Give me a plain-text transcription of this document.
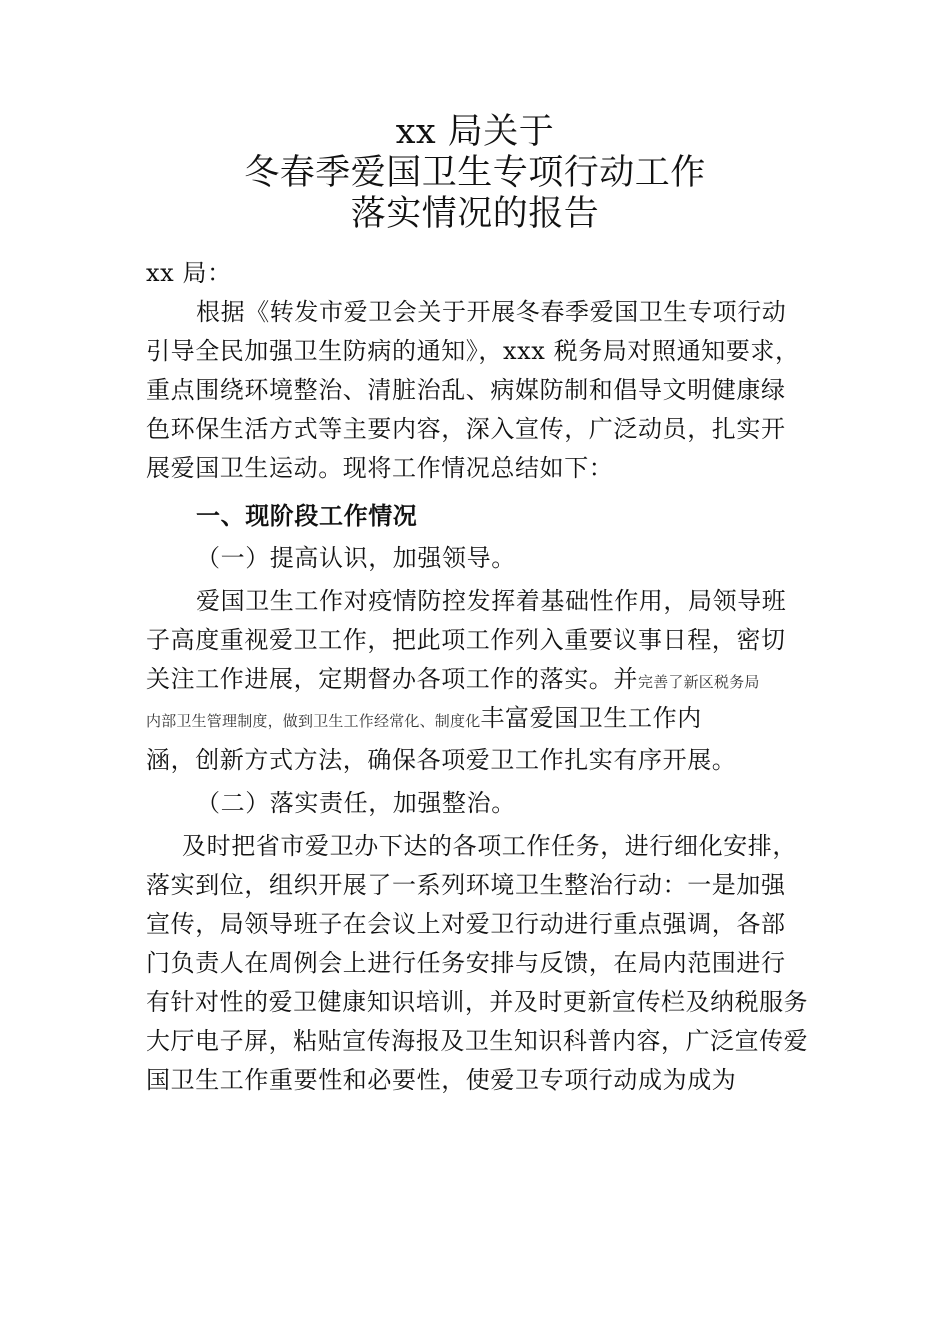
xx 局关于
冬春季爱国卫生专项行动工作
落实情况的报告
xx 局：
根据《转发市爱卫会关于开展冬春季爱国卫生专项行动
引导全民加强卫生防病的通知》，xxx 税务局对照通知要求，
重点围绕环境整治、清脏治乱、病媒防制和倡导文明健康绿
色环保生活方式等主要内容，深入宣传，广泛动员，扎实开
展爱国卫生运动。现将工作情况总结如下：
一、现阶段工作情况
（一）提高认识，加强领导。
爱国卫生工作对疫情防控发挥着基础性作用，局领导班
子高度重视爱卫工作，把此项工作列入重要议事日程，密切
关注工作进展，定期督办各项工作的落实。并完善了新区税务局
内部卫生管理制度，做到卫生工作经常化、制度化丰富爱国卫生工作内
涵，创新方式方法，确保各项爱卫工作扎实有序开展。
（二）落实责任，加强整治。
及时把省市爱卫办下达的各项工作任务，进行细化安排，
落实到位，组织开展了一系列环境卫生整治行动：一是加强
宣传，局领导班子在会议上对爱卫行动进行重点强调，各部
门负责人在周例会上进行任务安排与反馈，在局内范围进行
有针对性的爱卫健康知识培训，并及时更新宣传栏及纳税服务
大厅电子屏，粘贴宣传海报及卫生知识科普内容，广泛宣传爱
国卫生工作重要性和必要性，使爱卫专项行动成为成为
